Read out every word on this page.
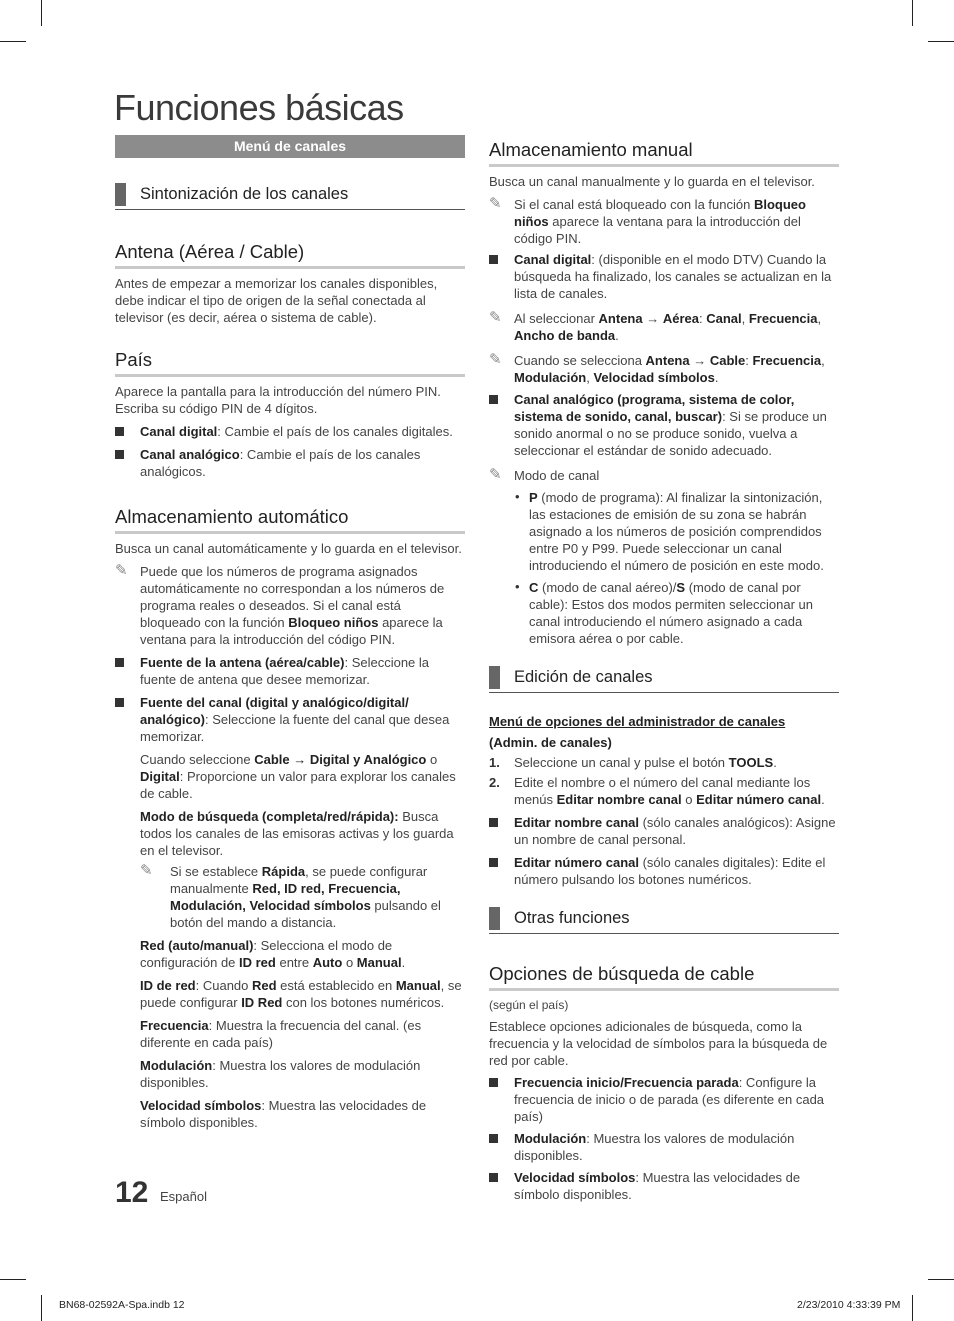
Funciones básicas
Menú de canales
Sintonización de los canales
Antena (Aérea / Cable)

Antes de empezar a memorizar los canales disponibles, debe indicar el tipo de origen de la señal conectada al televisor (es decir, aérea o sistema de cable).

País

Aparece la pantalla para la introducción del número PIN. Escriba su código PIN de 4 dígitos.

Canal digital: Cambie el país de los canales digitales.
Canal analógico: Cambie el país de los canales analógicos.
Almacenamiento automático

Busca un canal automáticamente y lo guarda en el televisor.

✎ Puede que los números de programa asignados automáticamente no correspondan a los números de programa reales o deseados. Si el canal está bloqueado con la función Bloqueo niños aparece la ventana para la introducción del código PIN.
Fuente de la antena (aérea/cable): Seleccione la fuente de antena que desee memorizar.
Fuente del canal (digital y analógico/digital/ analógico): Seleccione la fuente del canal que desea memorizar.
Cuando seleccione Cable → Digital y Analógico o Digital: Proporcione un valor para explorar los canales de cable.
Modo de búsqueda (completa/red/rápida): Busca todos los canales de las emisoras activas y los guarda en el televisor.
✎ Si se establece Rápida, se puede configurar manualmente Red, ID red, Frecuencia, Modulación, Velocidad símbolos pulsando el botón del mando a distancia.
Red (auto/manual): Selecciona el modo de configuración de ID red entre Auto o Manual.
ID de red: Cuando Red está establecido en Manual, se puede configurar ID Red con los botones numéricos.
Frecuencia: Muestra la frecuencia del canal. (es diferente en cada país)
Modulación: Muestra los valores de modulación disponibles.
Velocidad símbolos: Muestra las velocidades de símbolo disponibles.
Almacenamiento manual

Busca un canal manualmente y lo guarda en el televisor.

✎ Si el canal está bloqueado con la función Bloqueo niños aparece la ventana para la introducción del código PIN.
Canal digital: (disponible en el modo DTV) Cuando la búsqueda ha finalizado, los canales se actualizan en la lista de canales.
✎ Al seleccionar Antena → Aérea: Canal, Frecuencia, Ancho de banda.
✎ Cuando se selecciona Antena → Cable: Frecuencia, Modulación, Velocidad símbolos.
Canal analógico (programa, sistema de color, sistema de sonido, canal, buscar): Si se produce un sonido anormal o no se produce sonido, vuelva a seleccionar el estándar de sonido adecuado.
✎ Modo de canal
• P (modo de programa): Al finalizar la sintonización, las estaciones de emisión de su zona se habrán asignado a los números de posición comprendidos entre P0 y P99. Puede seleccionar un canal introduciendo el número de posición en este modo.
• C (modo de canal aéreo)/S (modo de canal por cable): Estos dos modos permiten seleccionar un canal introduciendo el número asignado a cada emisora aérea o por cable.
Edición de canales
Menú de opciones del administrador de canales
(Admin. de canales)
1. Seleccione un canal y pulse el botón TOOLS.
2. Edite el nombre o el número del canal mediante los menús Editar nombre canal o Editar número canal.
Editar nombre canal (sólo canales analógicos): Asigne un nombre de canal personal.
Editar número canal (sólo canales digitales): Edite el número pulsando los botones numéricos.
Otras funciones
Opciones de búsqueda de cable

(según el país)

Establece opciones adicionales de búsqueda, como la frecuencia y la velocidad de símbolos para la búsqueda de red por cable.

Frecuencia inicio/Frecuencia parada: Configure la frecuencia de inicio o de parada (es diferente en cada país)
Modulación: Muestra los valores de modulación disponibles.
Velocidad símbolos: Muestra las velocidades de símbolo disponibles.
12 Español
BN68-02592A-Spa.indb 12	2/23/2010 4:33:39 PM
